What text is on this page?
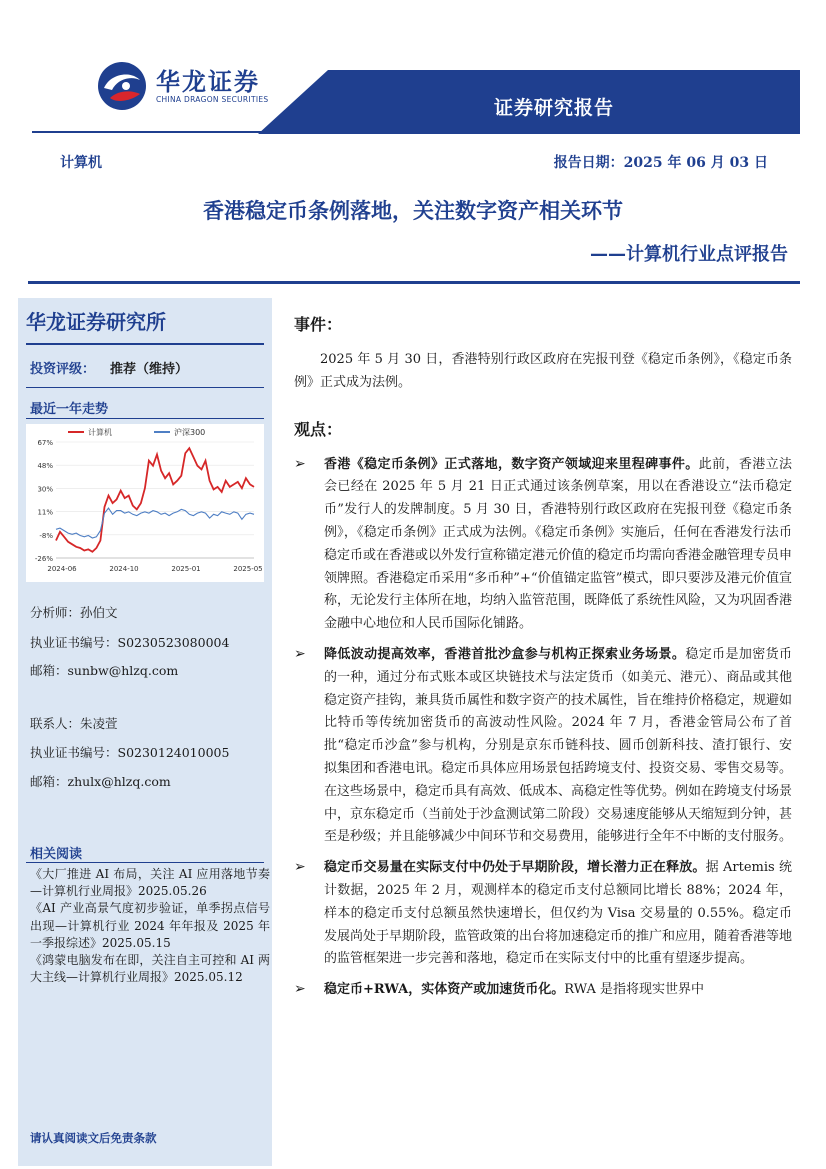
华龙证券
CHINA DRAGON SECURITIES	证券研究报告
计算机	报告日期：2025 年 06 月 03 日
香港稳定币条例落地，关注数字资产相关环节
——计算机行业点评报告
华龙证券研究所
投资评级： 推荐（维持）
最近一年走势
计算机	沪深300
67%
48%
30%
11%
-8%
-26%
2024-06	2024-10	2025-01	2025-05
分析师：孙伯文
执业证书编号：S0230523080004
邮箱：sunbw@hlzq.com
联系人：朱凌萱
执业证书编号：S0230124010005
邮箱：zhulx@hlzq.com
相关阅读

《大厂推进 AI 布局，关注 AI 应用落地节奏—计算机行业周报》2025.05.26

《AI 产业高景气度初步验证，单季拐点信号出现—计算机行业 2024 年年报及 2025 年一季报综述》2025.05.15

《鸿蒙电脑发布在即，关注自主可控和 AI 两大主线—计算机行业周报》2025.05.12

请认真阅读文后免责条款

事件：

2025 年 5 月 30 日，香港特别行政区政府在宪报刊登《稳定币条例》，《稳定币条例》正式成为法例。

观点：

➢ 香港《稳定币条例》正式落地，数字资产领域迎来里程碑事件。此前，香港立法会已经在 2025 年 5 月 21 日正式通过该条例草案，用以在香港设立“法币稳定币”发行人的发牌制度。5 月 30 日，香港特别行政区政府在宪报刊登《稳定币条例》，《稳定币条例》正式成为法例。《稳定币条例》实施后，任何在香港发行法币稳定币或在香港或以外发行宣称锚定港元价值的稳定币均需向香港金融管理专员申领牌照。香港稳定币采用“多币种”+“价值锚定监管”模式，即只要涉及港元价值宣称，无论发行主体所在地，均纳入监管范围，既降低了系统性风险，又为巩固香港金融中心地位和人民币国际化铺路。

➢ 降低波动提高效率，香港首批沙盒参与机构正探索业务场景。稳定币是加密货币的一种，通过分布式账本或区块链技术与法定货币（如美元、港元）、商品或其他稳定资产挂钩，兼具货币属性和数字资产的技术属性，旨在维持价格稳定，规避如比特币等传统加密货币的高波动性风险。2024 年 7 月，香港金管局公布了首批“稳定币沙盒”参与机构，分别是京东币链科技、圆币创新科技、渣打银行、安拟集团和香港电讯。稳定币具体应用场景包括跨境支付、投资交易、零售交易等。在这些场景中，稳定币具有高效、低成本、高稳定性等优势。例如在跨境支付场景中，京东稳定币（当前处于沙盒测试第二阶段）交易速度能够从天缩短到分钟，甚至是秒级；并且能够减少中间环节和交易费用，能够进行全年不中断的支付服务。

➢ 稳定币交易量在实际支付中仍处于早期阶段，增长潜力正在释放。据 Artemis 统计数据，2025 年 2 月，观测样本的稳定币支付总额同比增长 88%；2024 年，样本的稳定币支付总额虽然快速增长，但仅约为 Visa 交易量的 0.55%。稳定币发展尚处于早期阶段，监管政策的出台将加速稳定币的推广和应用，随着香港等地的监管框架进一步完善和落地，稳定币在实际支付中的比重有望逐步提高。

➢ 稳定币+RWA，实体资产或加速货币化。RWA 是指将现实世界中
